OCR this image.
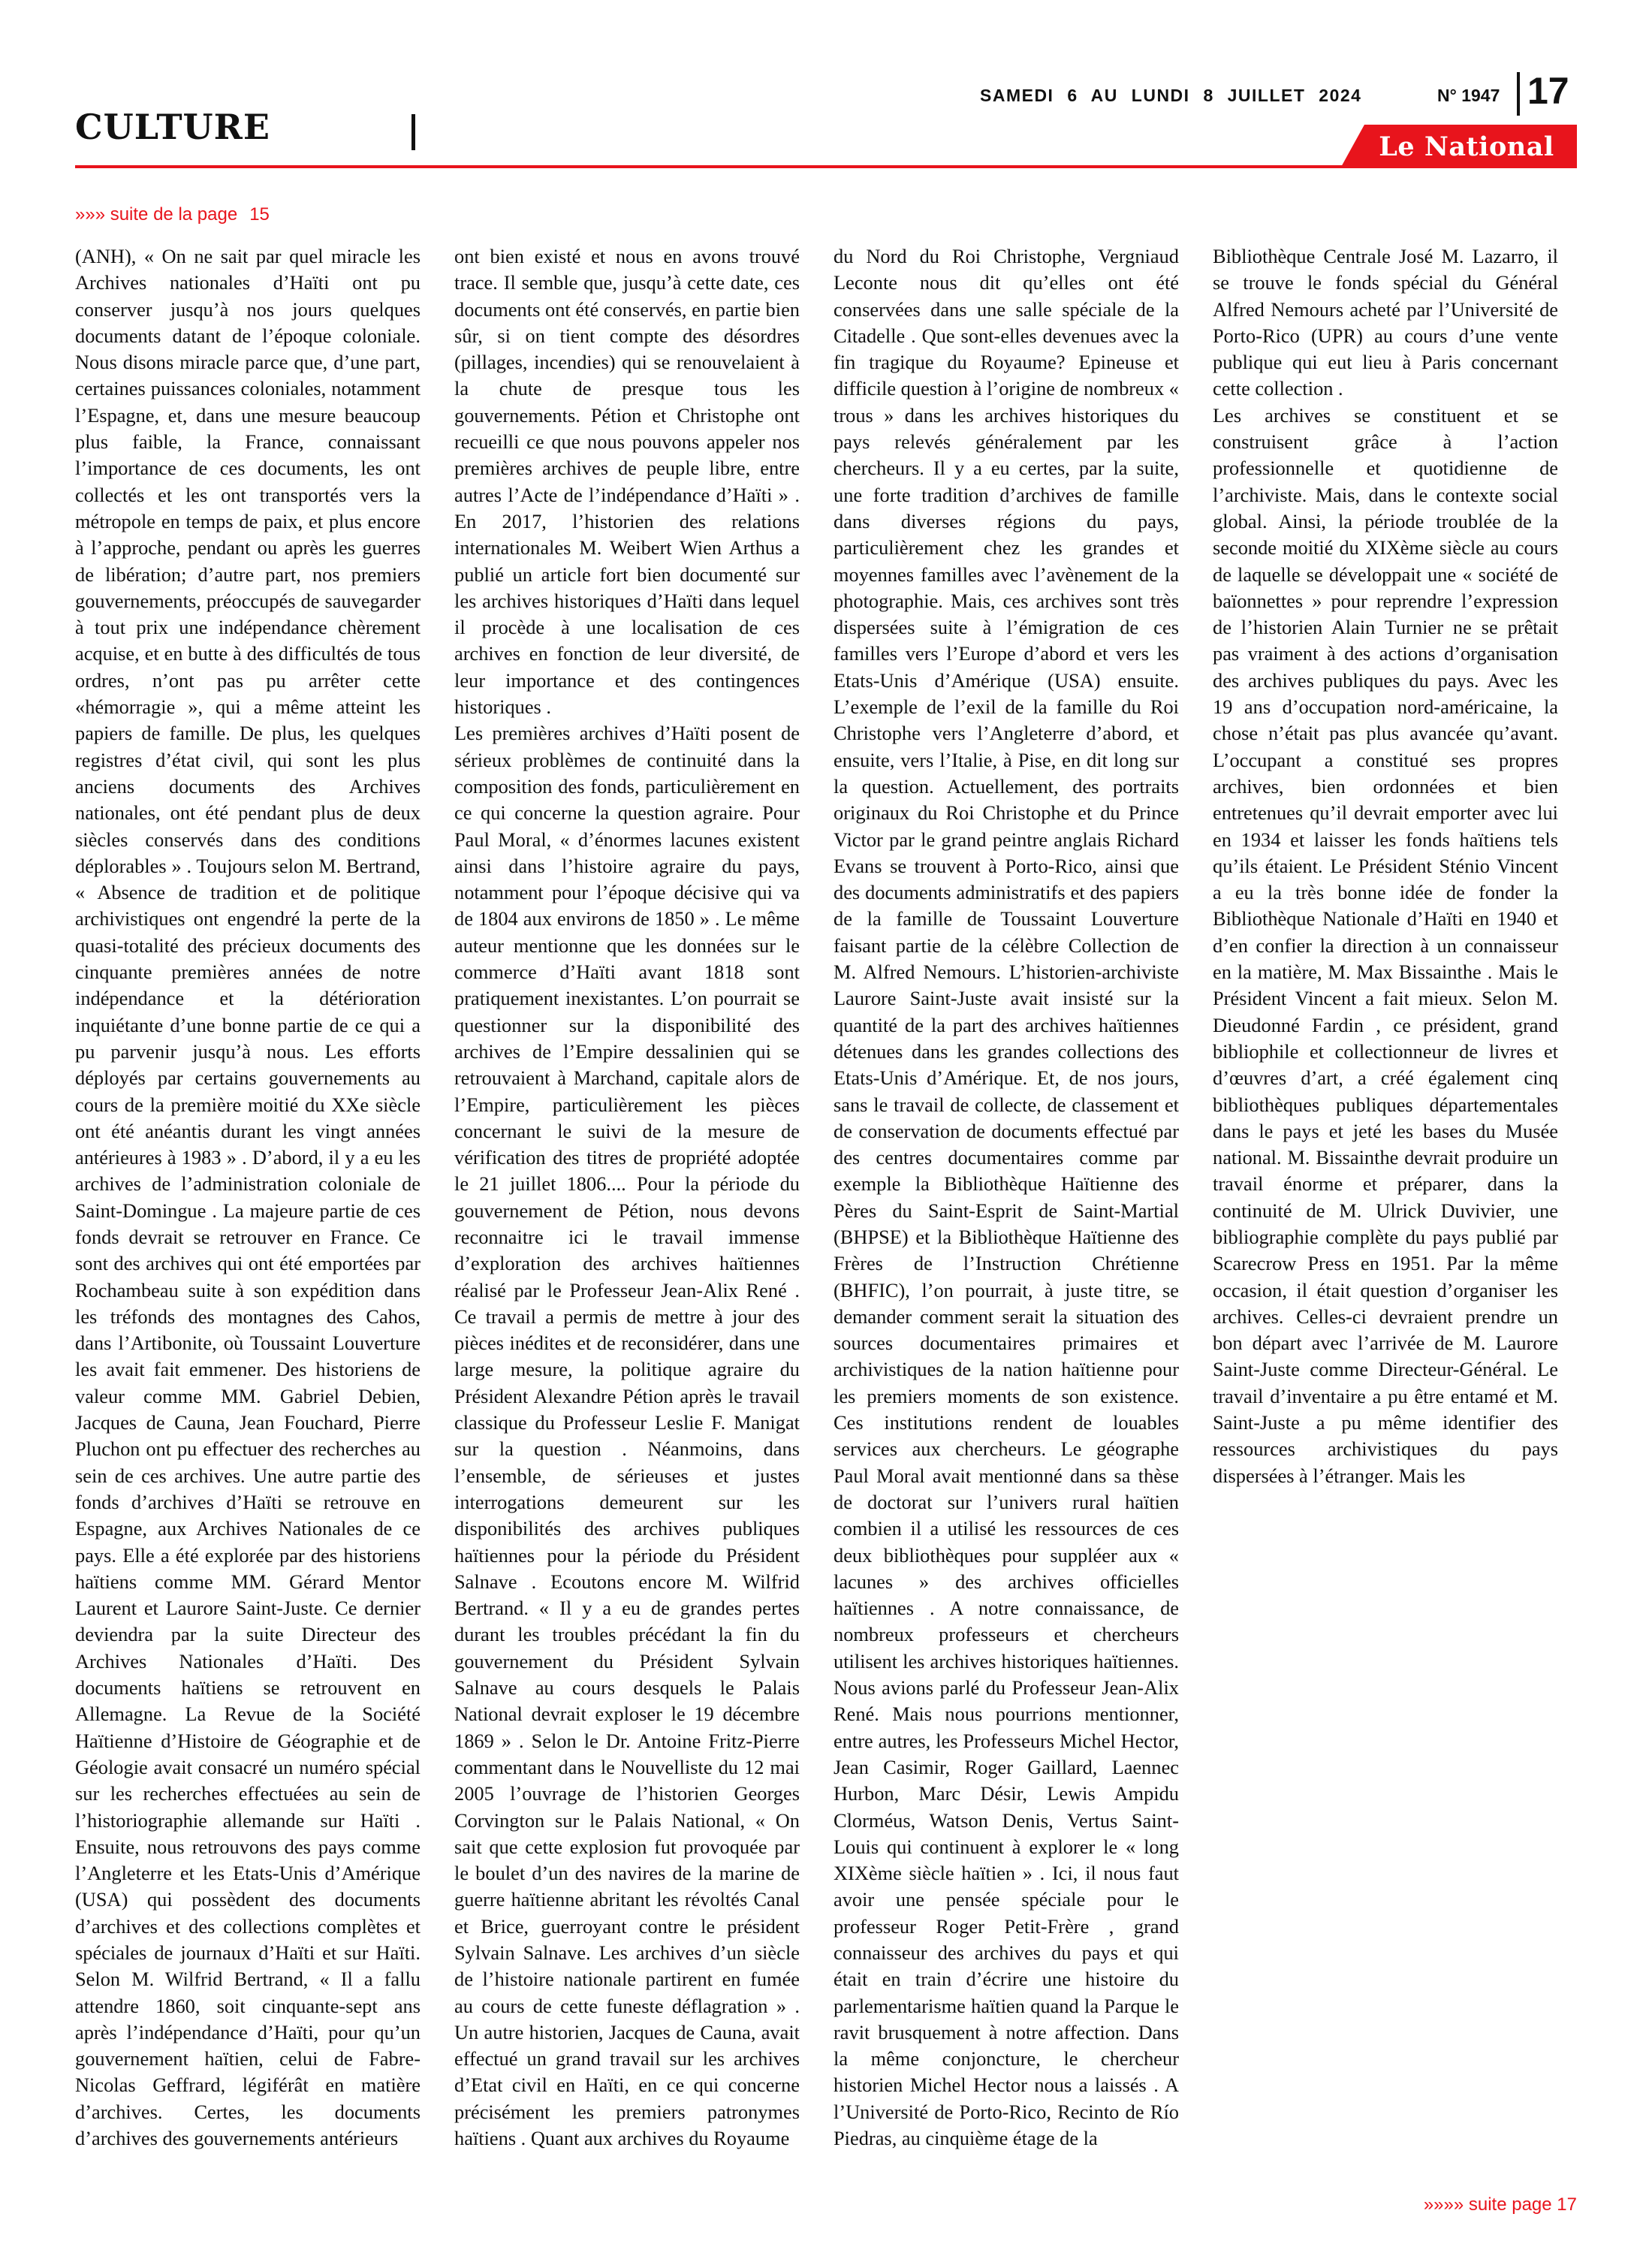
CULTURE
SAMEDI 6 AU LUNDI 8 JUILLET 2024	N° 1947 17
Le National
»»» suite de la page 15

(ANH), « On ne sait par quel miracle les Archives nationales d’Haïti ont pu conserver jusqu’à nos jours quelques documents datant de l’époque coloniale. Nous disons miracle parce que, d’une part, certaines puissances coloniales, notamment l’Espagne, et, dans une mesure beaucoup plus faible, la France, connaissant l’importance de ces documents, les ont collectés et les ont transportés vers la métropole en temps de paix, et plus encore à l’approche, pendant ou après les guerres de libération; d’autre part, nos premiers gouvernements, préoccupés de sauvegarder à tout prix une indépendance chèrement acquise, et en butte à des difficultés de tous ordres, n’ont pas pu arrêter cette «hémorragie », qui a même atteint les papiers de famille. De plus, les quelques registres d’état civil, qui sont les plus anciens documents des Archives nationales, ont été pendant plus de deux siècles conservés dans des conditions déplorables » . Toujours selon M. Bertrand, « Absence de tradition et de politique archivistiques ont engendré la perte de la quasi-totalité des précieux documents des cinquante premières années de notre indépendance et la détérioration inquiétante d’une bonne partie de ce qui a pu parvenir jusqu’à nous. Les efforts déployés par certains gouvernements au cours de la première moitié du XXe siècle ont été anéantis durant les vingt années antérieures à 1983 » . D’abord, il y a eu les archives de l’administration coloniale de Saint-Domingue . La majeure partie de ces fonds devrait se retrouver en France. Ce sont des archives qui ont été emportées par Rochambeau suite à son expédition dans les tréfonds des montagnes des Cahos, dans l’Artibonite, où Toussaint Louverture les avait fait emmener. Des historiens de valeur comme MM. Gabriel Debien, Jacques de Cauna, Jean Fouchard, Pierre Pluchon ont pu effectuer des recherches au sein de ces archives. Une autre partie des fonds d’archives d’Haïti se retrouve en Espagne, aux Archives Nationales de ce pays. Elle a été explorée par des historiens haïtiens comme MM. Gérard Mentor Laurent et Laurore Saint-Juste. Ce dernier deviendra par la suite Directeur des Archives Nationales d’Haïti. Des documents haïtiens se retrouvent en Allemagne. La Revue de la Société Haïtienne d’Histoire de Géographie et de Géologie avait consacré un numéro spécial sur les recherches effectuées au sein de l’historiographie allemande sur Haïti . Ensuite, nous retrouvons des pays comme l’Angleterre et les Etats-Unis d’Amérique (USA) qui possèdent des documents d’archives et des collections complètes et spéciales de journaux d’Haïti et sur Haïti. Selon M. Wilfrid Bertrand, « Il a fallu attendre 1860, soit cinquante-sept ans après l’indépendance d’Haïti, pour qu’un gouvernement haïtien, celui de Fabre-Nicolas Geffrard, légiférât en matière d’archives. Certes, les documents d’archives des gouvernements antérieurs

ont bien existé et nous en avons trouvé trace. Il semble que, jusqu’à cette date, ces documents ont été conservés, en partie bien sûr, si on tient compte des désordres (pillages, incendies) qui se renouvelaient à la chute de presque tous les gouvernements. Pétion et Christophe ont recueilli ce que nous pouvons appeler nos premières archives de peuple libre, entre autres l’Acte de l’indépendance d’Haïti » . En 2017, l’historien des relations internationales M. Weibert Wien Arthus a publié un article fort bien documenté sur les archives historiques d’Haïti dans lequel il procède à une localisation de ces archives en fonction de leur diversité, de leur importance et des contingences historiques .

Les premières archives d’Haïti posent de sérieux problèmes de continuité dans la composition des fonds, particulièrement en ce qui concerne la question agraire. Pour Paul Moral, « d’énormes lacunes existent ainsi dans l’histoire agraire du pays, notamment pour l’époque décisive qui va de 1804 aux environs de 1850 » . Le même auteur mentionne que les données sur le commerce d’Haïti avant 1818 sont pratiquement inexistantes. L’on pourrait se questionner sur la disponibilité des archives de l’Empire dessalinien qui se retrouvaient à Marchand, capitale alors de l’Empire, particulièrement les pièces concernant le suivi de la mesure de vérification des titres de propriété adoptée le 21 juillet 1806.... Pour la période du gouvernement de Pétion, nous devons reconnaitre ici le travail immense d’exploration des archives haïtiennes réalisé par le Professeur Jean-Alix René . Ce travail a permis de mettre à jour des pièces inédites et de reconsidérer, dans une large mesure, la politique agraire du Président Alexandre Pétion après le travail classique du Professeur Leslie F. Manigat sur la question . Néanmoins, dans l’ensemble, de sérieuses et justes interrogations demeurent sur les disponibilités des archives publiques haïtiennes pour la période du Président Salnave . Ecoutons encore M. Wilfrid Bertrand. « Il y a eu de grandes pertes durant les troubles précédant la fin du gouvernement du Président Sylvain Salnave au cours desquels le Palais National devrait exploser le 19 décembre 1869 » . Selon le Dr. Antoine Fritz-Pierre commentant dans le Nouvelliste du 12 mai 2005 l’ouvrage de l’historien Georges Corvington sur le Palais National, « On sait que cette explosion fut provoquée par le boulet d’un des navires de la marine de guerre haïtienne abritant les révoltés Canal et Brice, guerroyant contre le président Sylvain Salnave. Les archives d’un siècle de l’histoire nationale partirent en fumée au cours de cette funeste déflagration » . Un autre historien, Jacques de Cauna, avait effectué un grand travail sur les archives d’Etat civil en Haïti, en ce qui concerne précisément les premiers patronymes haïtiens . Quant aux archives du Royaume

du Nord du Roi Christophe, Vergniaud Leconte nous dit qu’elles ont été conservées dans une salle spéciale de la Citadelle . Que sont-elles devenues avec la fin tragique du Royaume? Epineuse et difficile question à l’origine de nombreux « trous » dans les archives historiques du pays relevés généralement par les chercheurs. Il y a eu certes, par la suite, une forte tradition d’archives de famille dans diverses régions du pays, particulièrement chez les grandes et moyennes familles avec l’avènement de la photographie. Mais, ces archives sont très dispersées suite à l’émigration de ces familles vers l’Europe d’abord et vers les Etats-Unis d’Amérique (USA) ensuite. L’exemple de l’exil de la famille du Roi Christophe vers l’Angleterre d’abord, et ensuite, vers l’Italie, à Pise, en dit long sur la question. Actuellement, des portraits originaux du Roi Christophe et du Prince Victor par le grand peintre anglais Richard Evans se trouvent à Porto-Rico, ainsi que des documents administratifs et des papiers de la famille de Toussaint Louverture faisant partie de la célèbre Collection de M. Alfred Nemours. L’historien-archiviste Laurore Saint-Juste avait insisté sur la quantité de la part des archives haïtiennes détenues dans les grandes collections des Etats-Unis d’Amérique. Et, de nos jours, sans le travail de collecte, de classement et de conservation de documents effectué par des centres documentaires comme par exemple la Bibliothèque Haïtienne des Pères du Saint-Esprit de Saint-Martial (BHPSE) et la Bibliothèque Haïtienne des Frères de l’Instruction Chrétienne (BHFIC), l’on pourrait, à juste titre, se demander comment serait la situation des sources documentaires primaires et archivistiques de la nation haïtienne pour les premiers moments de son existence. Ces institutions rendent de louables services aux chercheurs. Le géographe Paul Moral avait mentionné dans sa thèse de doctorat sur l’univers rural haïtien combien il a utilisé les ressources de ces deux bibliothèques pour suppléer aux « lacunes » des archives officielles haïtiennes . A notre connaissance, de nombreux professeurs et chercheurs utilisent les archives historiques haïtiennes. Nous avions parlé du Professeur Jean-Alix René. Mais nous pourrions mentionner, entre autres, les Professeurs Michel Hector, Jean Casimir, Roger Gaillard, Laennec Hurbon, Marc Désir, Lewis Ampidu Clorméus, Watson Denis, Vertus Saint- Louis qui continuent à explorer le « long XIXème siècle haïtien » . Ici, il nous faut avoir une pensée spéciale pour le professeur Roger Petit-Frère , grand connaisseur des archives du pays et qui était en train d’écrire une histoire du parlementarisme haïtien quand la Parque le ravit brusquement à notre affection. Dans la même conjoncture, le chercheur historien Michel Hector nous a laissés . A l’Université de Porto-Rico, Recinto de Río Piedras, au cinquième étage de la

Bibliothèque Centrale José M. Lazarro, il se trouve le fonds spécial du Général Alfred Nemours acheté par l’Université de Porto-Rico (UPR) au cours d’une vente publique qui eut lieu à Paris concernant cette collection .

Les archives se constituent et se construisent grâce à l’action professionnelle et quotidienne de l’archiviste. Mais, dans le contexte social global. Ainsi, la période troublée de la seconde moitié du XIXème siècle au cours de laquelle se développait une « société de baïonnettes » pour reprendre l’expression de l’historien Alain Turnier ne se prêtait pas vraiment à des actions d’organisation des archives publiques du pays. Avec les 19 ans d’occupation nord-américaine, la chose n’était pas plus avancée qu’avant. L’occupant a constitué ses propres archives, bien ordonnées et bien entretenues qu’il devrait emporter avec lui en 1934 et laisser les fonds haïtiens tels qu’ils étaient. Le Président Sténio Vincent a eu la très bonne idée de fonder la Bibliothèque Nationale d’Haïti en 1940 et d’en confier la direction à un connaisseur en la matière, M. Max Bissainthe . Mais le Président Vincent a fait mieux. Selon M. Dieudonné Fardin , ce président, grand bibliophile et collectionneur de livres et d’œuvres d’art, a créé également cinq bibliothèques publiques départementales dans le pays et jeté les bases du Musée national. M. Bissainthe devrait produire un travail énorme et préparer, dans la continuité de M. Ulrick Duvivier, une bibliographie complète du pays publié par Scarecrow Press en 1951. Par la même occasion, il était question d’organiser les archives. Celles-ci devraient prendre un bon départ avec l’arrivée de M. Laurore Saint-Juste comme Directeur-Général. Le travail d’inventaire a pu être entamé et M. Saint-Juste a pu même identifier des ressources archivistiques du pays dispersées à l’étranger. Mais les

»»»» suite page 17
